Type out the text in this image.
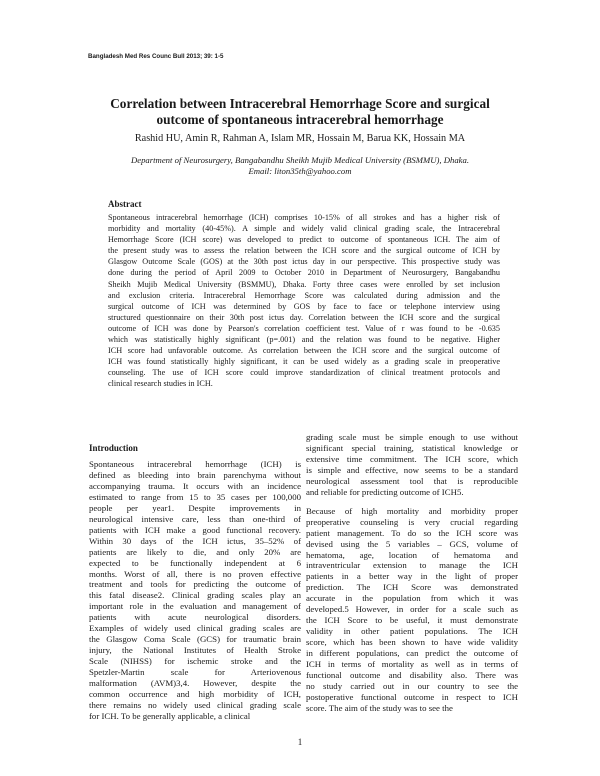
Bangladesh Med Res Counc Bull 2013; 39: 1-5
Correlation between Intracerebral Hemorrhage Score and surgical
outcome of spontaneous intracerebral hemorrhage
Rashid HU, Amin R, Rahman A, Islam MR, Hossain M, Barua KK, Hossain MA
Department of Neurosurgery, Bangabandhu Sheikh Mujib Medical University (BSMMU), Dhaka.
Email: liton35th@yahoo.com
Abstract
Spontaneous intracerebral hemorrhage (ICH) comprises 10-15% of all strokes and has a higher risk of
morbidity and mortality (40-45%). A simple and widely valid clinical grading scale, the Intracerebral
Hemorrhage Score (ICH score) was developed to predict to outcome of spontaneous ICH. The aim of
the present study was to assess the relation between the ICH score and the surgical outcome of ICH by
Glasgow Outcome Scale (GOS) at the 30th post ictus day in our perspective. This prospective study was
done during the period of April 2009 to October 2010 in Department of Neurosurgery, Bangabandhu
Sheikh Mujib Medical University (BSMMU), Dhaka. Forty three cases were enrolled by set inclusion
and exclusion criteria. Intracerebral Hemorrhage Score was calculated during admission and the
surgical outcome of ICH was determined by GOS by face to face or telephone interview using
structured questionnaire on their 30th post ictus day. Correlation between the ICH score and the surgical
outcome of ICH was done by Pearson's correlation coefficient test. Value of r was found to be -0.635
which was statistically highly significant (p=.001) and the relation was found to be negative. Higher
ICH score had unfavorable outcome. As correlation between the ICH score and the surgical outcome of
ICH was found statistically highly significant, it can be used widely as a grading scale in preoperative
counseling. The use of ICH score could improve standardization of clinical treatment protocols and
clinical research studies in ICH.
Introduction
Spontaneous intracerebral hemorrhage (ICH) is
defined as bleeding into brain parenchyma without
accompanying trauma. It occurs with an incidence
estimated to range from 15 to 35 cases per 100,000
people per year1. Despite improvements in
neurological intensive care, less than one-third of
patients with ICH make a good functional recovery.
Within 30 days of the ICH ictus, 35–52% of
patients are likely to die, and only 20% are
expected to be functionally independent at 6
months. Worst of all, there is no proven effective
treatment and tools for predicting the outcome of
this fatal disease2. Clinical grading scales play an
important role in the evaluation and management of
patients with acute neurological disorders.
Examples of widely used clinical grading scales are
the Glasgow Coma Scale (GCS) for traumatic brain
injury, the National Institutes of Health Stroke
Scale (NIHSS) for ischemic stroke and the
Spetzler-Martin scale for Arteriovenous
malformation (AVM)3,4. However, despite the
common occurrence and high morbidity of ICH,
there remains no widely used clinical grading scale
for ICH. To be generally applicable, a clinical
grading scale must be simple enough to use without
significant special training, statistical knowledge or
extensive time commitment. The ICH score, which
is simple and effective, now seems to be a standard
neurological assessment tool that is reproducible
and reliable for predicting outcome of ICH5.
Because of high mortality and morbidity proper
preoperative counseling is very crucial regarding
patient management. To do so the ICH score was
devised using the 5 variables – GCS, volume of
hematoma, age, location of hematoma and
intraventricular extension to manage the ICH
patients in a better way in the light of proper
prediction. The ICH Score was demonstrated
accurate in the population from which it was
developed.5 However, in order for a scale such as
the ICH Score to be useful, it must demonstrate
validity in other patient populations. The ICH
score, which has been shown to have wide validity
in different populations, can predict the outcome of
ICH in terms of mortality as well as in terms of
functional outcome and disability also. There was
no study carried out in our country to see the
postoperative functional outcome in respect to ICH
score. The aim of the study was to see the
1
